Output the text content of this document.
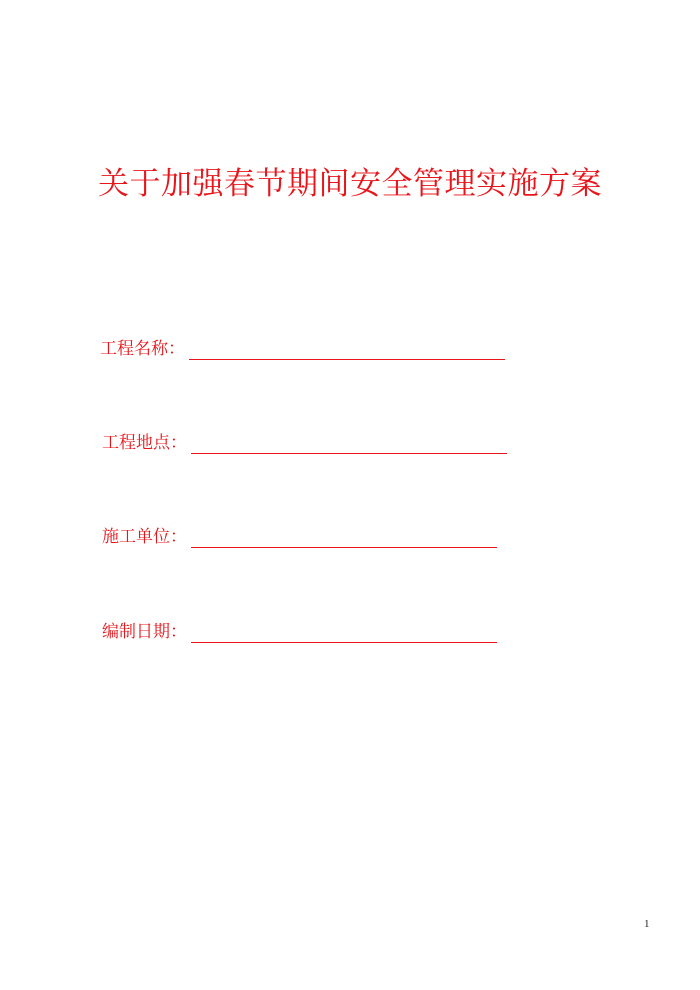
关于加强春节期间安全管理实施方案
工程名称：
工程地点：
施工单位：
编制日期：
1
